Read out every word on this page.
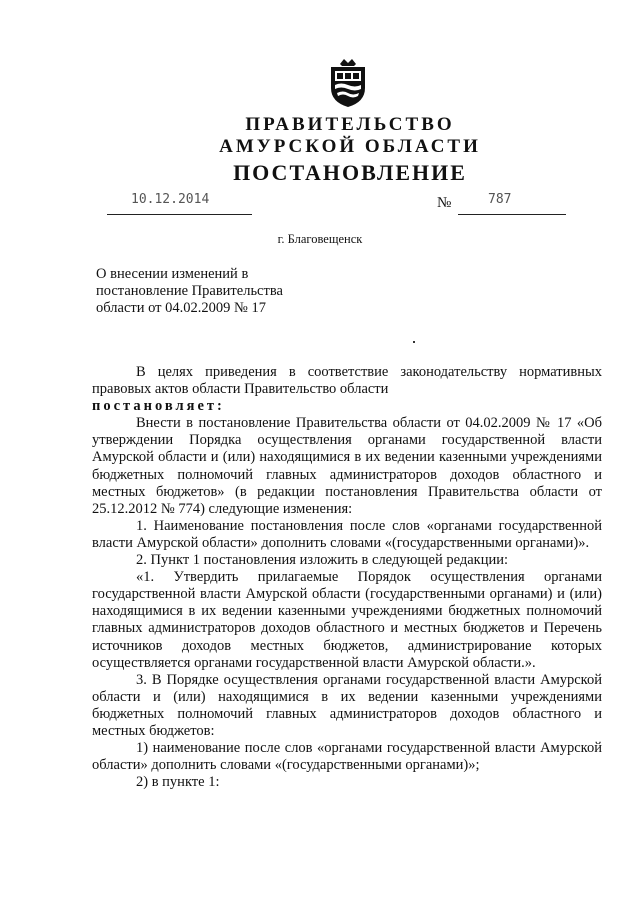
ПРАВИТЕЛЬСТВО
АМУРСКОЙ ОБЛАСТИ
ПОСТАНОВЛЕНИЕ
10.12.2014	№	787
г. Благовещенск
О внесении изменений в
постановление Правительства
области от 04.02.2009 № 17
В целях приведения в соответствие законодательству нормативных правовых актов области Правительство области
постановляет:
Внести в постановление Правительства области от 04.02.2009 № 17 «Об утверждении Порядка осуществления органами государственной власти Амурской области и (или) находящимися в их ведении казенными учреждениями бюджетных полномочий главных администраторов доходов областного и местных бюджетов» (в редакции постановления Правительства области от 25.12.2012 № 774) следующие изменения:
1. Наименование постановления после слов «органами государственной власти Амурской области» дополнить словами «(государственными органами)».
2. Пункт 1 постановления изложить в следующей редакции:
«1. Утвердить прилагаемые Порядок осуществления органами государственной власти Амурской области (государственными органами) и (или) находящимися в их ведении казенными учреждениями бюджетных полномочий главных администраторов доходов областного и местных бюджетов и Перечень источников доходов местных бюджетов, администрирование которых осуществляется органами государственной власти Амурской области.».
3. В Порядке осуществления органами государственной власти Амурской области и (или) находящимися в их ведении казенными учреждениями бюджетных полномочий главных администраторов доходов областного и местных бюджетов:
1) наименование после слов «органами государственной власти Амурской области» дополнить словами «(государственными органами)»;
2) в пункте 1:
